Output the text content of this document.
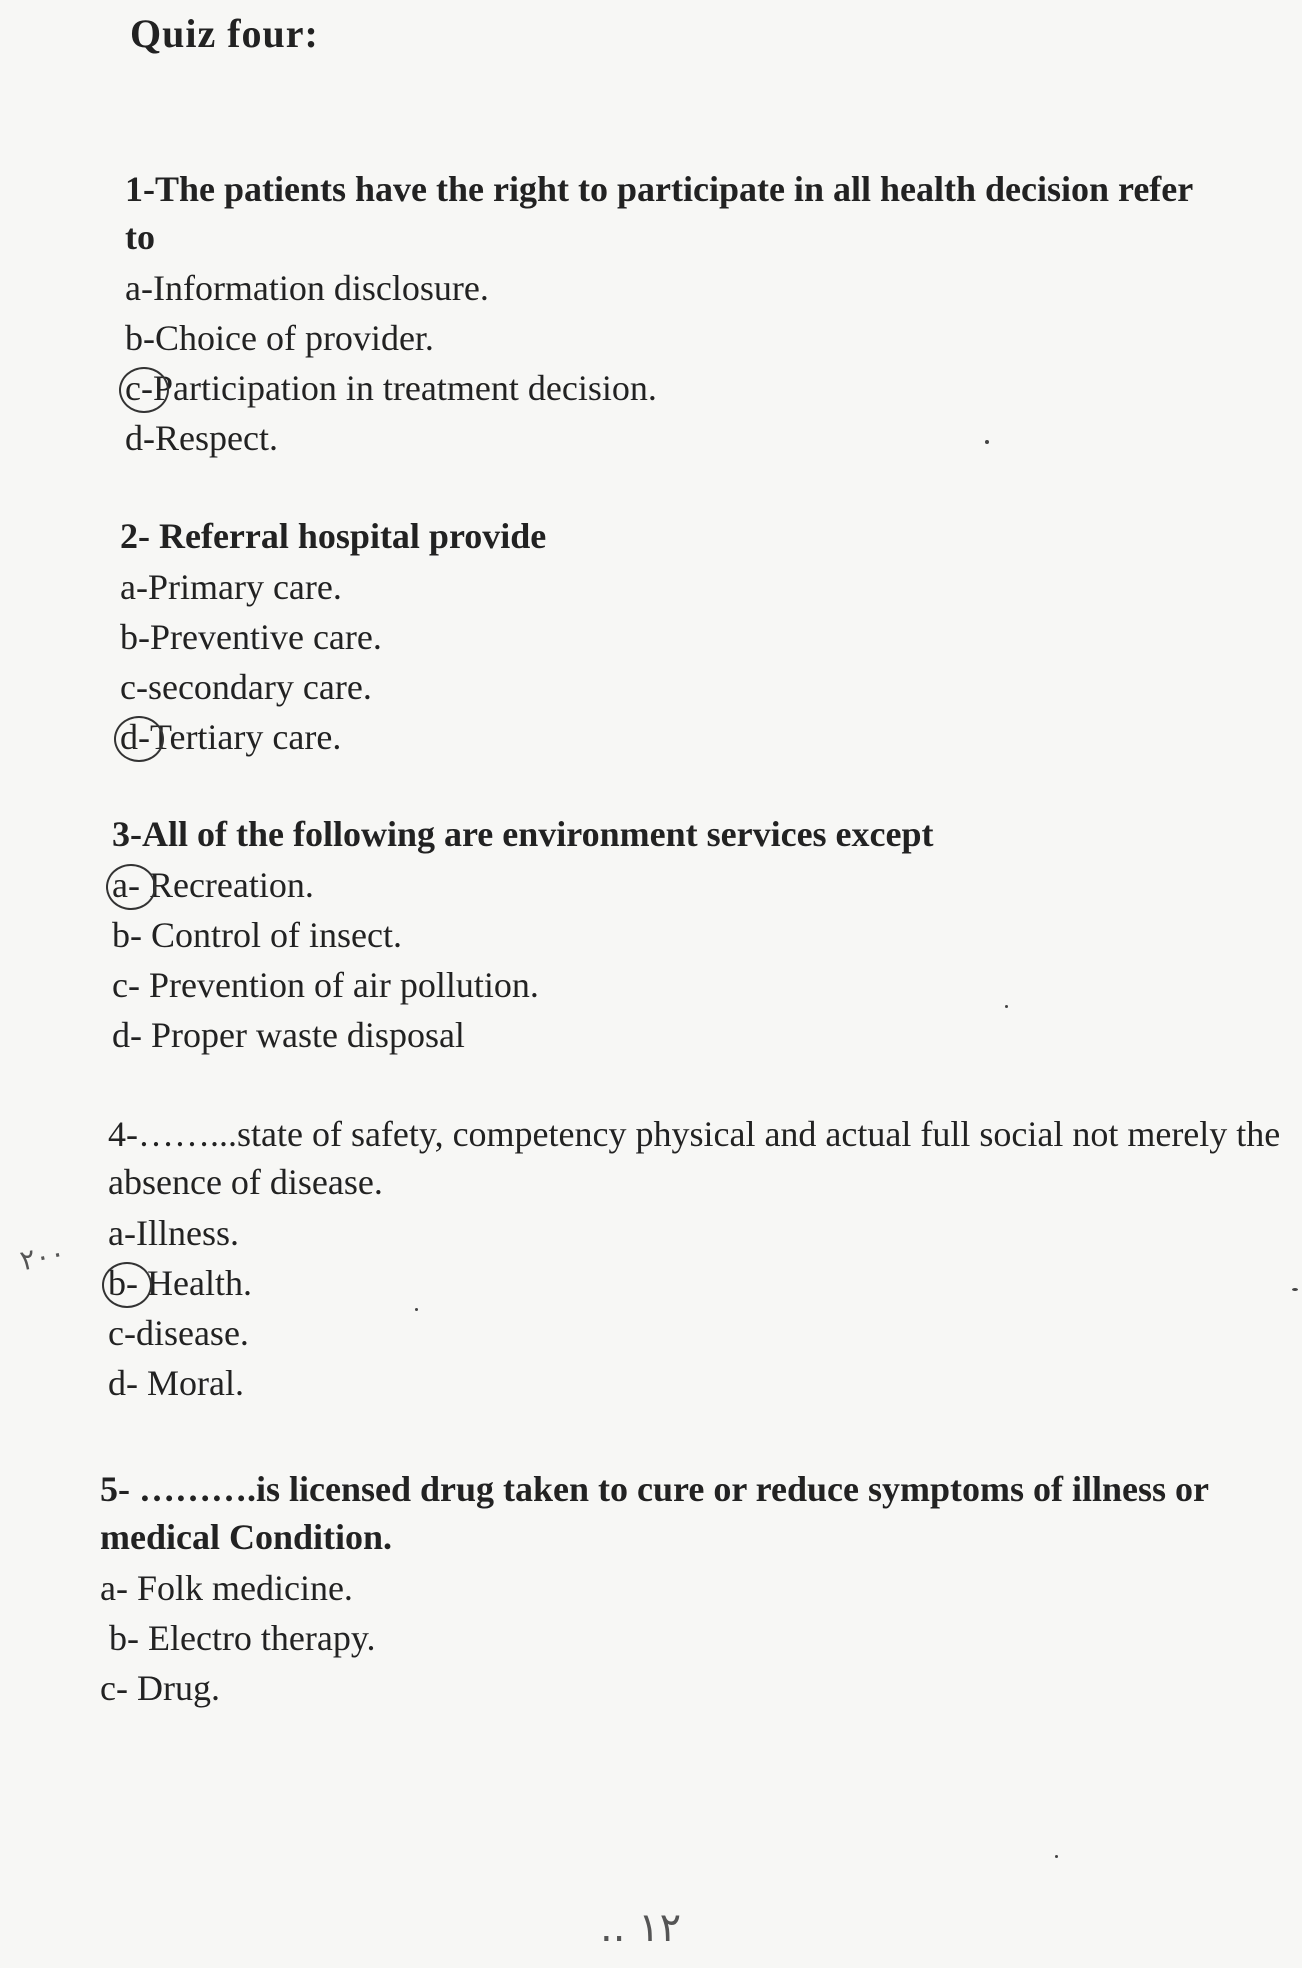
Quiz four:
1-The patients have the right to participate in all health decision refer to
a-Information disclosure.
b-Choice of provider.
c-Participation in treatment decision.
d-Respect.
2- Referral hospital provide
a-Primary care.
b-Preventive care.
c-secondary care.
d-Tertiary care.
3-All of the following are environment services except
a- Recreation.
b- Control of insect.
c- Prevention of air pollution.
d- Proper waste disposal
4-……...state of safety, competency physical and actual full social not merely the absence of disease.
a-Illness.
b- Health.
c-disease.
d- Moral.
5- ……….is licensed drug taken to cure or reduce symptoms of illness or medical Condition.
a- Folk medicine.
b- Electro therapy.
c- Drug.
٢٠٠
.. ١٢
